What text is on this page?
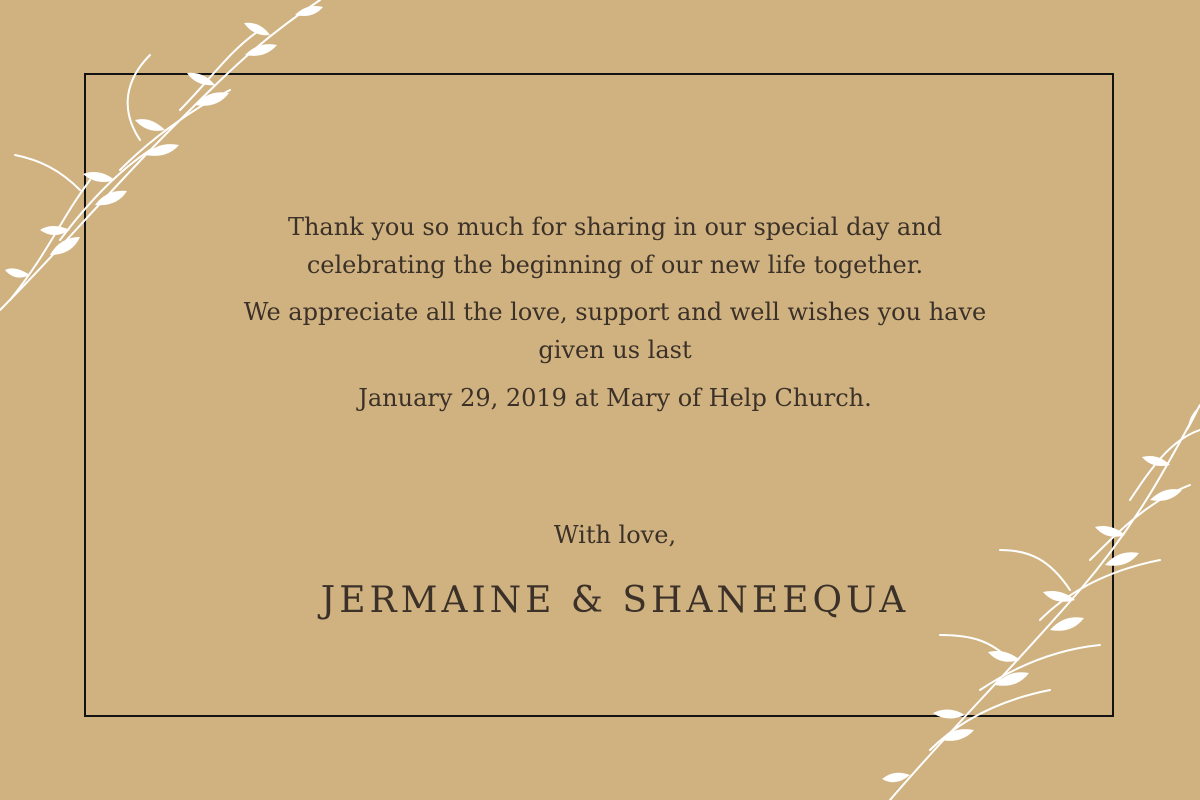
Thank you so much for sharing in our special day and
celebrating the beginning of our new life together.

We appreciate all the love, support and well wishes you have
given us last

January 29, 2019 at Mary of Help Church.

With love,

JERMAINE & SHANEEQUA
